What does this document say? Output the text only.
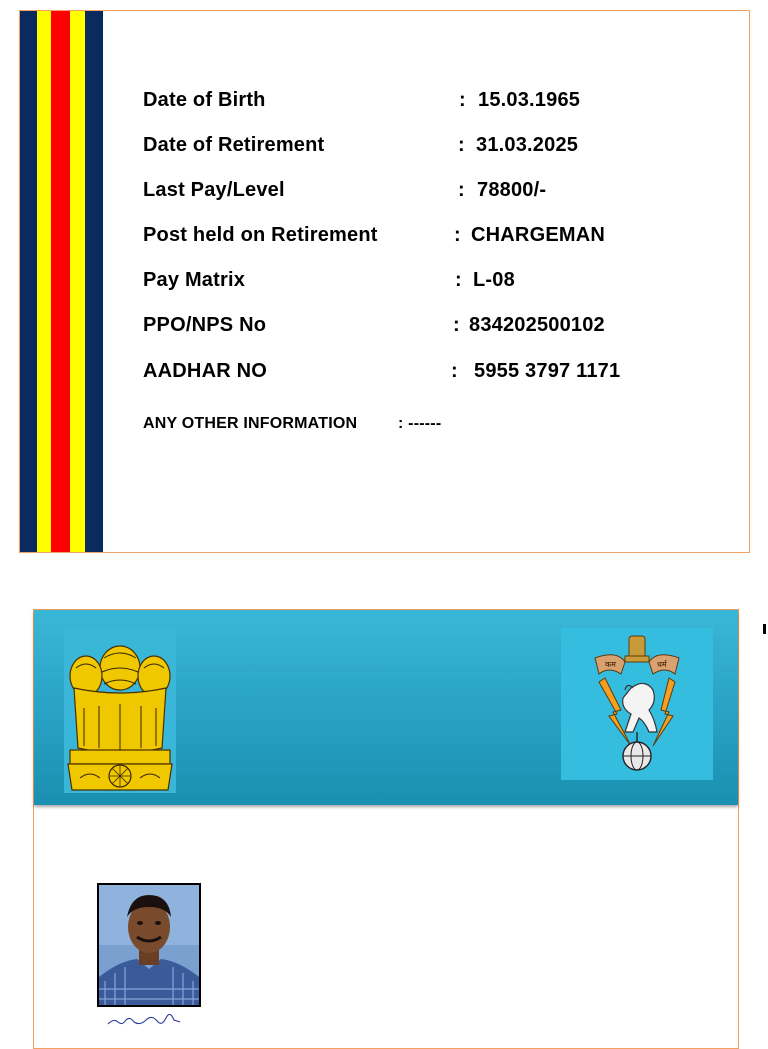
Date of Birth	: 15.03.1965
Date of Retirement	: 31.03.2025
Last Pay/Level	: 78800/-
Post held on Retirement	: CHARGEMAN
Pay Matrix	: L-08
PPO/NPS No	: 834202500102
AADHAR NO	: 5955 3797 1171
ANY OTHER INFORMATION	: ------
कम	धर्म
